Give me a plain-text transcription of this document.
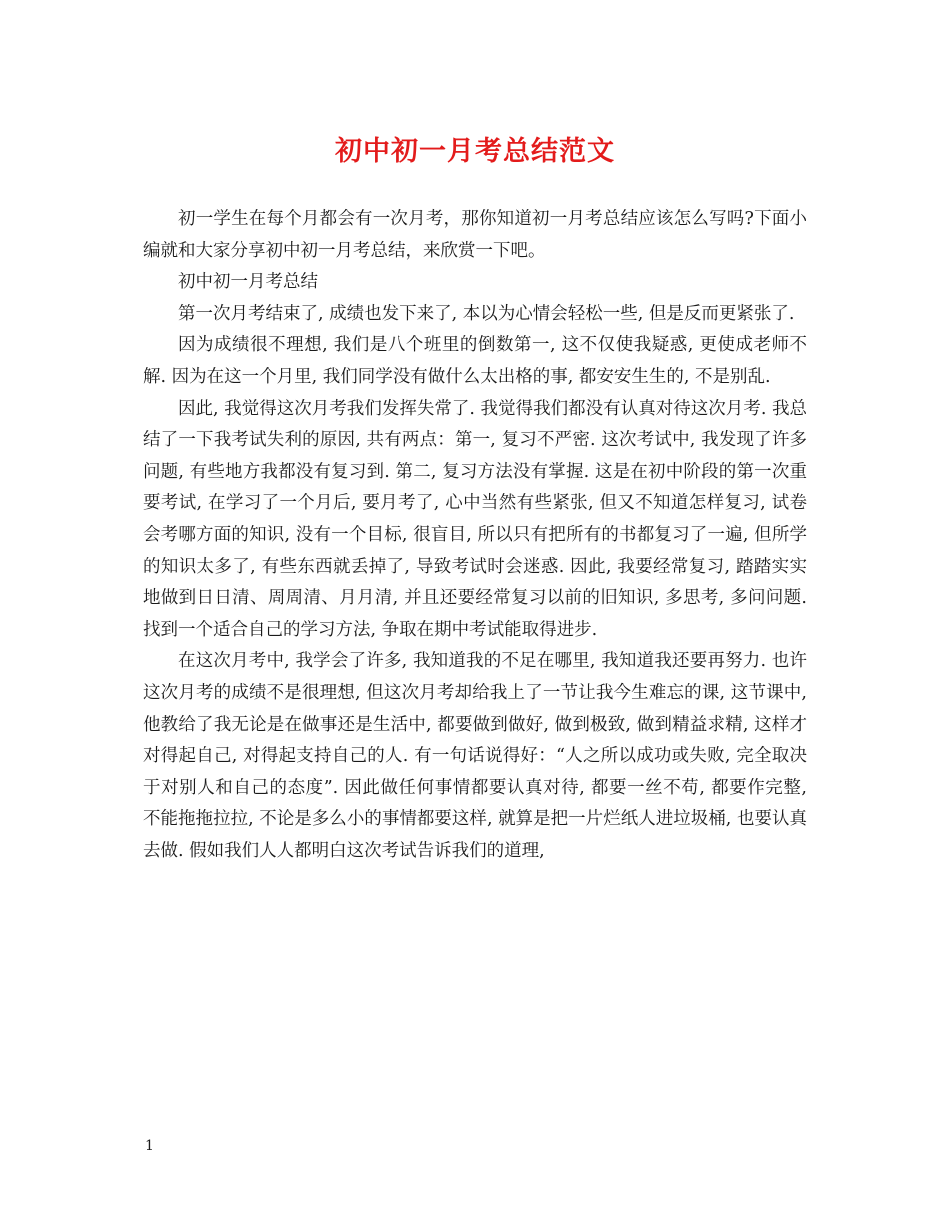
初中初一月考总结范文

初一学生在每个月都会有一次月考，那你知道初一月考总结应该怎么写吗?下面小编就和大家分享初中初一月考总结，来欣赏一下吧。

初中初一月考总结

第一次月考结束了, 成绩也发下来了, 本以为心情会轻松一些, 但是反而更紧张了.

因为成绩很不理想, 我们是八个班里的倒数第一, 这不仅使我疑惑, 更使成老师不解. 因为在这一个月里, 我们同学没有做什么太出格的事, 都安安生生的, 不是别乱.

因此, 我觉得这次月考我们发挥失常了. 我觉得我们都没有认真对待这次月考. 我总结了一下我考试失利的原因, 共有两点：第一, 复习不严密. 这次考试中, 我发现了许多问题, 有些地方我都没有复习到. 第二, 复习方法没有掌握. 这是在初中阶段的第一次重要考试, 在学习了一个月后, 要月考了, 心中当然有些紧张, 但又不知道怎样复习, 试卷会考哪方面的知识, 没有一个目标, 很盲目, 所以只有把所有的书都复习了一遍, 但所学的知识太多了, 有些东西就丢掉了, 导致考试时会迷惑. 因此, 我要经常复习, 踏踏实实地做到日日清、周周清、月月清, 并且还要经常复习以前的旧知识, 多思考, 多问问题. 找到一个适合自己的学习方法, 争取在期中考试能取得进步.

在这次月考中, 我学会了许多, 我知道我的不足在哪里, 我知道我还要再努力. 也许这次月考的成绩不是很理想, 但这次月考却给我上了一节让我今生难忘的课, 这节课中, 他教给了我无论是在做事还是生活中, 都要做到做好, 做到极致, 做到精益求精, 这样才对得起自己, 对得起支持自己的人. 有一句话说得好：“人之所以成功或失败, 完全取决于对别人和自己的态度”. 因此做任何事情都要认真对待, 都要一丝不苟, 都要作完整, 不能拖拖拉拉, 不论是多么小的事情都要这样, 就算是把一片烂纸人进垃圾桶, 也要认真去做. 假如我们人人都明白这次考试告诉我们的道理,

1
